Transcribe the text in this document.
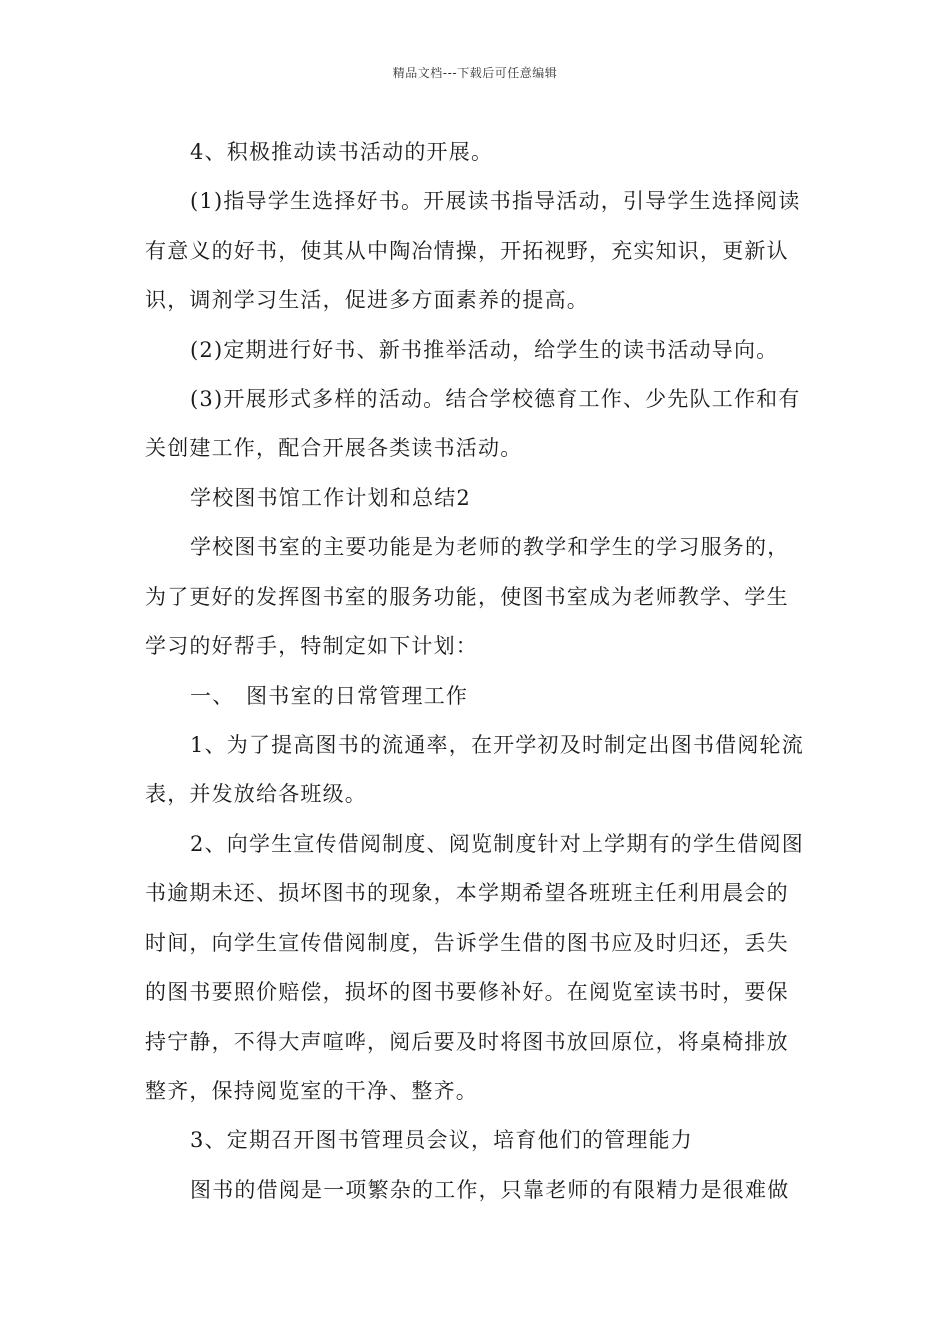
精品文档---下载后可任意编辑
4、积极推动读书活动的开展。
(1)指导学生选择好书。开展读书指导活动，引导学生选择阅读
有意义的好书，使其从中陶冶情操，开拓视野，充实知识，更新认
识，调剂学习生活，促进多方面素养的提高。
(2)定期进行好书、新书推举活动，给学生的读书活动导向。
(3)开展形式多样的活动。结合学校德育工作、少先队工作和有
关创建工作，配合开展各类读书活动。
学校图书馆工作计划和总结2
学校图书室的主要功能是为老师的教学和学生的学习服务的，
为了更好的发挥图书室的服务功能，使图书室成为老师教学、学生
学习的好帮手，特制定如下计划：
一、　图书室的日常管理工作
1、为了提高图书的流通率，在开学初及时制定出图书借阅轮流
表，并发放给各班级。
2、向学生宣传借阅制度、阅览制度针对上学期有的学生借阅图
书逾期未还、损坏图书的现象，本学期希望各班班主任利用晨会的
时间，向学生宣传借阅制度，告诉学生借的图书应及时归还，丢失
的图书要照价赔偿，损坏的图书要修补好。在阅览室读书时，要保
持宁静，不得大声喧哗，阅后要及时将图书放回原位，将桌椅排放
整齐，保持阅览室的干净、整齐。
3、定期召开图书管理员会议，培育他们的管理能力
图书的借阅是一项繁杂的工作，只靠老师的有限精力是很难做
